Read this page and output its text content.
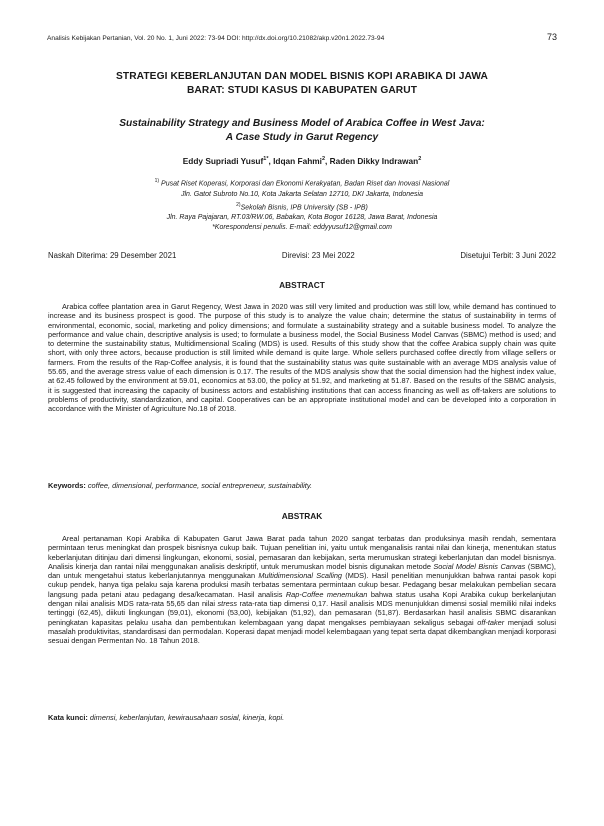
Analisis Kebijakan Pertanian, Vol. 20 No. 1, Juni 2022: 73-94 DOI: http://dx.doi.org/10.21082/akp.v20n1.2022.73-94	73
STRATEGI KEBERLANJUTAN DAN MODEL BISNIS KOPI ARABIKA DI JAWA
BARAT: STUDI KASUS DI KABUPATEN GARUT
Sustainability Strategy and Business Model of Arabica Coffee in West Java:
A Case Study in Garut Regency
Eddy Supriadi Yusuf$^{1*}$, Idqan Fahmi$^2$, Raden Dikky Indrawan$^2$
$^{1)}$ Pusat Riset Koperasi, Korporasi dan Ekonomi Kerakyatan, Badan Riset dan Inovasi Nasional
Jln. Gatot Subroto No.10, Kota Jakarta Selatan 12710, DKI Jakarta, Indonesia
$^{2)}$Sekolah Bisnis, IPB University (SB - IPB)
Jln. Raya Pajajaran, RT.03/RW.06, Babakan, Kota Bogor 16128, Jawa Barat, Indonesia
*Korespondensi penulis. E-mail: eddyyusuf12@gmail.com
Naskah Diterima: 29 Desember 2021	Direvisi: 23 Mei 2022	Disetujui Terbit: 3 Juni 2022
ABSTRACT
Arabica coffee plantation area in Garut Regency, West Jawa in 2020 was still very limited and production was still low, while demand has continued to increase and its business prospect is good. The purpose of this study is to analyze the value chain; determine the status of sustainability in terms of environmental, economic, social, marketing and policy dimensions; and formulate a sustainability strategy and a suitable business model. To analyze the performance and value chain, descriptive analysis is used; to formulate a business model, the Social Business Model Canvas (SBMC) method is used; and to determine the sustainability status, Multidimensional Scaling (MDS) is used. Results of this study show that the coffee Arabica supply chain was quite short, with only three actors, because production is still limited while demand is quite large. Whole sellers purchased coffee directly from village sellers or farmers. From the results of the Rap-Coffee analysis, it is found that the sustainability status was quite sustainable with an average MDS analysis value of 55.65, and the average stress value of each dimension is 0.17. The results of the MDS analysis show that the social dimension had the highest index value, at 62.45 followed by the environment at 59.01, economics at 53.00, the policy at 51.92, and marketing at 51.87. Based on the results of the SBMC analysis, it is suggested that increasing the capacity of business actors and establishing institutions that can access financing as well as off-takers are solutions to problems of productivity, standardization, and capital. Cooperatives can be an appropriate institutional model and can be developed into a corporation in accordance with the Minister of Agriculture No.18 of 2018.
Keywords: coffee, dimensional, performance, social entrepreneur, sustainability.
ABSTRAK
Areal pertanaman Kopi Arabika di Kabupaten Garut Jawa Barat pada tahun 2020 sangat terbatas dan produksinya masih rendah, sementara permintaan terus meningkat dan prospek bisnisnya cukup baik. Tujuan penelitian ini, yaitu untuk menganalisis rantai nilai dan kinerja, menentukan status keberlanjutan ditinjau dari dimensi lingkungan, ekonomi, sosial, pemasaran dan kebijakan, serta merumuskan strategi keberlanjutan dan model bisnisnya. Analisis kinerja dan rantai nilai menggunakan analisis deskriptif, untuk merumuskan model bisnis digunakan metode Social Model Bisnis Canvas (SBMC), dan untuk mengetahui status keberlanjutannya menggunakan Multidimensional Scalling (MDS). Hasil penelitian menunjukkan bahwa rantai pasok kopi cukup pendek, hanya tiga pelaku saja karena produksi masih terbatas sementara permintaan cukup besar. Pedagang besar melakukan pembelian secara langsung pada petani atau pedagang desa/kecamatan. Hasil analisis Rap-Coffee menemukan bahwa status usaha Kopi Arabika cukup berkelanjutan dengan nilai analisis MDS rata-rata 55,65 dan nilai stress rata-rata tiap dimensi 0,17. Hasil analisis MDS menunjukkan dimensi sosial memiliki nilai indeks tertinggi (62,45), diikuti lingkungan (59,01), ekonomi (53,00), kebijakan (51,92), dan pemasaran (51,87). Berdasarkan hasil analisis SBMC disarankan peningkatan kapasitas pelaku usaha dan pembentukan kelembagaan yang dapat mengakses pembiayaan sekaligus sebagai off-taker menjadi solusi masalah produktivitas, standardisasi dan permodalan. Koperasi dapat menjadi model kelembagaan yang tepat serta dapat dikembangkan menjadi korporasi sesuai dengan Permentan No. 18 Tahun 2018.
Kata kunci: dimensi, keberlanjutan, kewirausahaan sosial, kinerja, kopi.
